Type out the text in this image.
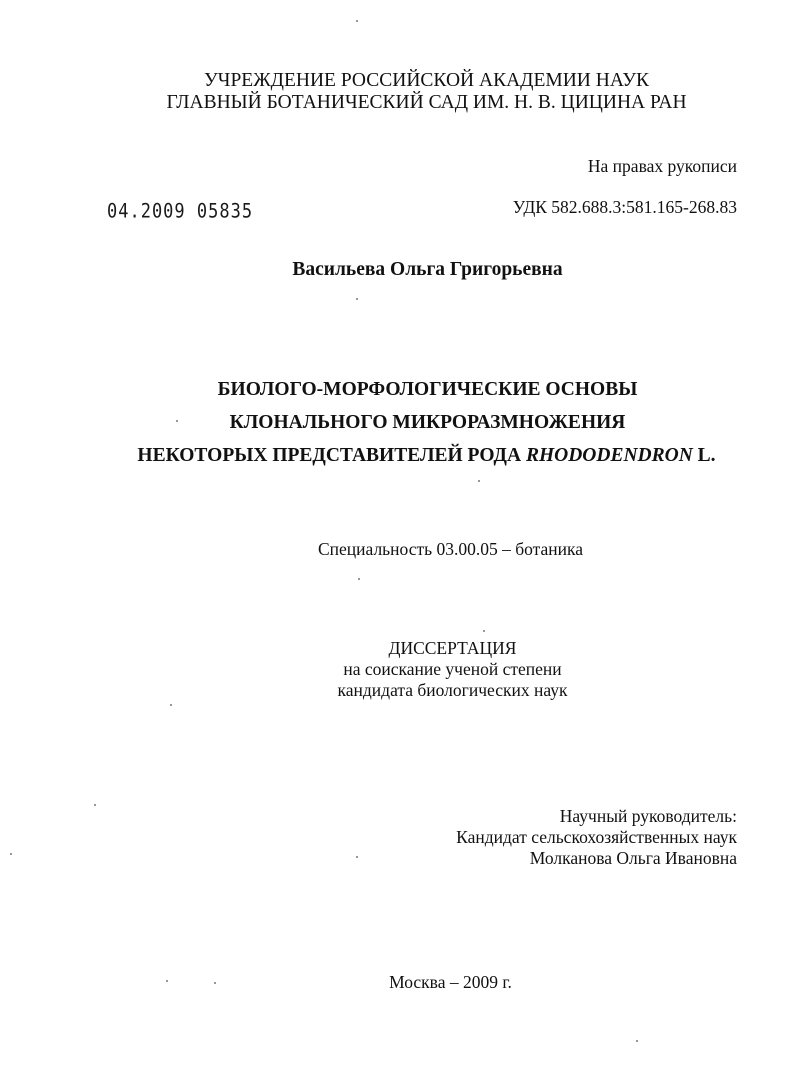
УЧРЕЖДЕНИЕ РОССИЙСКОЙ АКАДЕМИИ НАУК
ГЛАВНЫЙ БОТАНИЧЕСКИЙ САД ИМ. Н. В. ЦИЦИНА РАН
На правах рукописи
04.2009 05835	УДК 582.688.3:581.165-268.83
Васильева Ольга Григорьевна
БИОЛОГО-МОРФОЛОГИЧЕСКИЕ ОСНОВЫ
КЛОНАЛЬНОГО МИКРОРАЗМНОЖЕНИЯ
НЕКОТОРЫХ ПРЕДСТАВИТЕЛЕЙ РОДА RHODODENDRON L.
Специальность 03.00.05 – ботаника
ДИССЕРТАЦИЯ
на соискание ученой степени
кандидата биологических наук
Научный руководитель:
Кандидат сельскохозяйственных наук
Молканова Ольга Ивановна
Москва – 2009 г.
